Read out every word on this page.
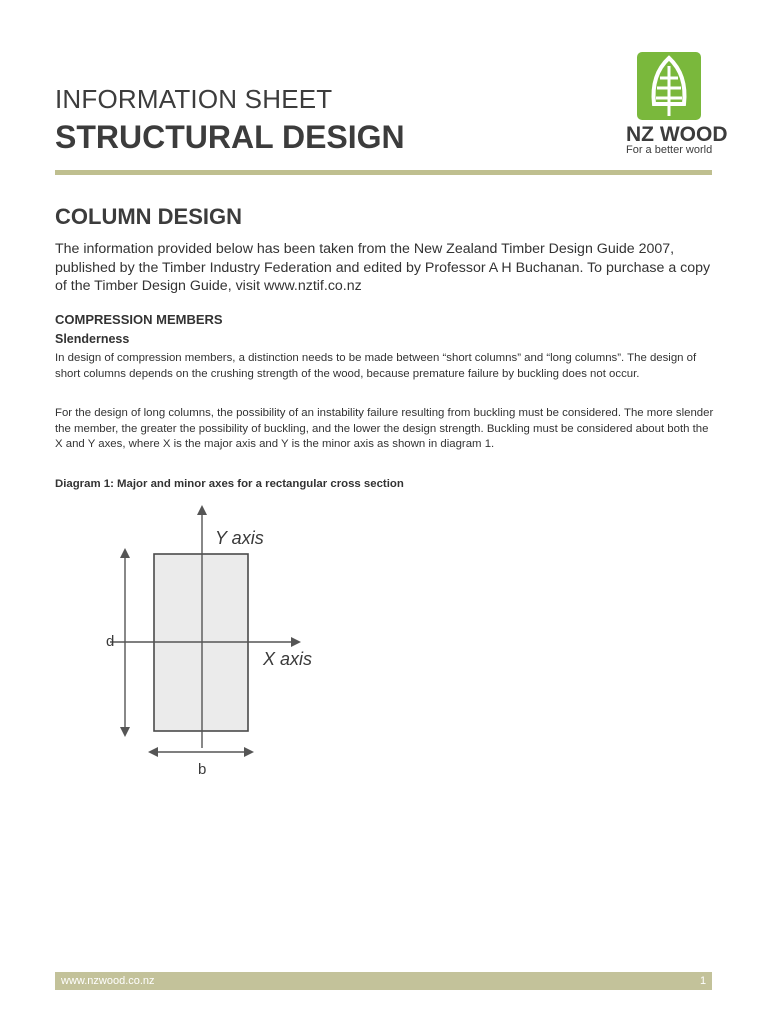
INFORMATION SHEET
STRUCTURAL DESIGN	NZ WOOD
For a better world
COLUMN DESIGN
The information provided below has been taken from the New Zealand Timber Design Guide 2007, published by the Timber Industry Federation and edited by Professor A H Buchanan. To purchase a copy of the Timber Design Guide, visit www.nztif.co.nz
COMPRESSION MEMBERS
Slenderness
In design of compression members, a distinction needs to be made between “short columns” and “long columns”. The design of short columns depends on the crushing strength of the wood, because premature failure by buckling does not occur.
For the design of long columns, the possibility of an instability failure resulting from buckling must be considered. The more slender the member, the greater the possibility of buckling, and the lower the design strength. Buckling must be considered about both the X and Y axes, where X is the major axis and Y is the minor axis as shown in diagram 1.
Diagram 1: Major and minor axes for a rectangular cross section
Y axis
X axis
d
b
www.nzwood.co.nz	1
